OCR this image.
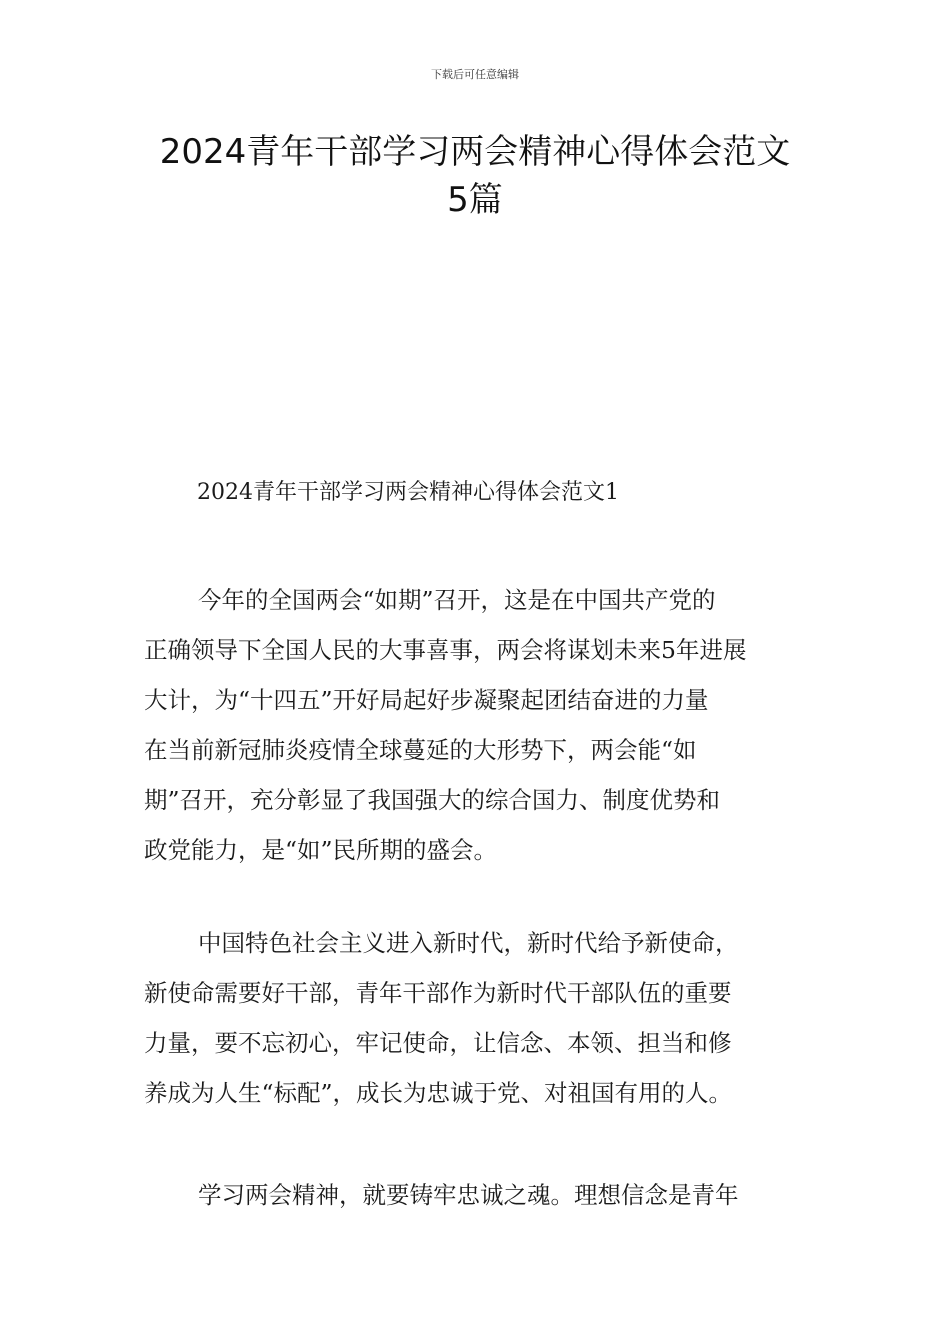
下载后可任意编辑
2024青年干部学习两会精神心得体会范文
5篇
2024青年干部学习两会精神心得体会范文1
今年的全国两会“如期”召开，这是在中国共产党的
正确领导下全国人民的大事喜事，两会将谋划未来5年进展
大计，为“十四五”开好局起好步凝聚起团结奋进的力量
在当前新冠肺炎疫情全球蔓延的大形势下，两会能“如
期”召开，充分彰显了我国强大的综合国力、制度优势和
政党能力，是“如”民所期的盛会。
中国特色社会主义进入新时代，新时代给予新使命，
新使命需要好干部，青年干部作为新时代干部队伍的重要
力量，要不忘初心，牢记使命，让信念、本领、担当和修
养成为人生“标配”，成长为忠诚于党、对祖国有用的人。
学习两会精神，就要铸牢忠诚之魂。理想信念是青年
